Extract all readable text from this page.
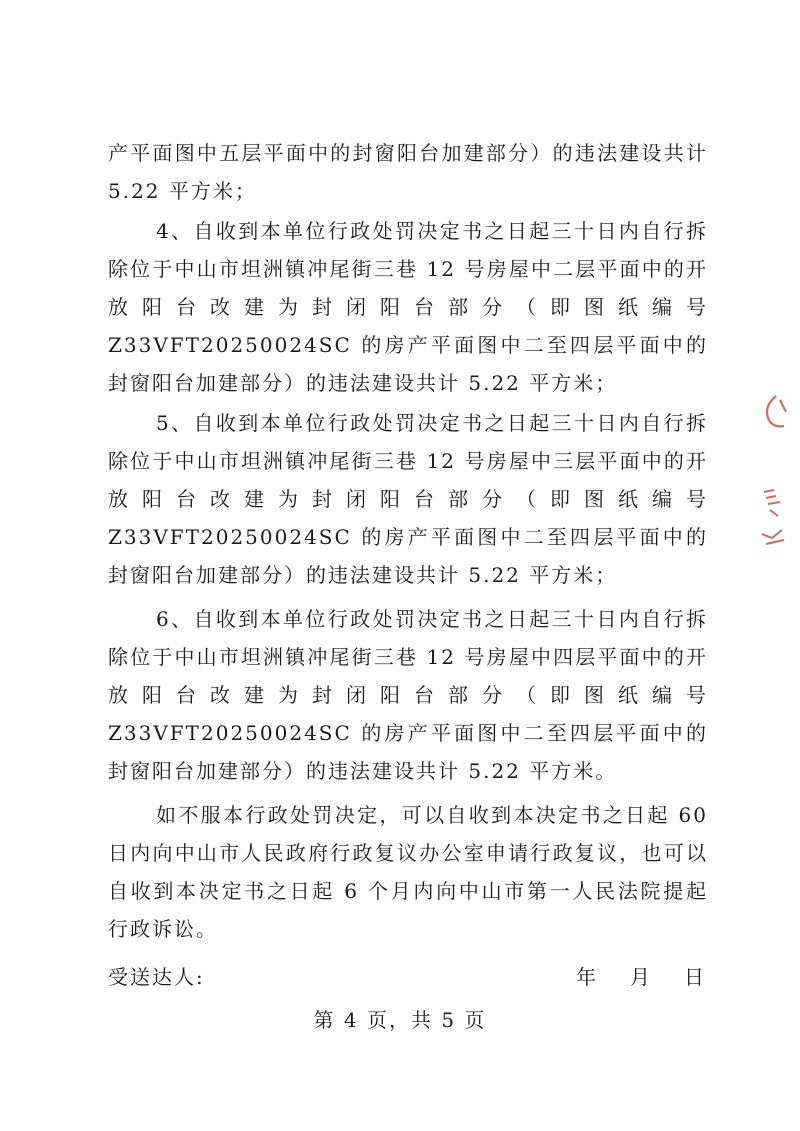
产平面图中五层平面中的封窗阳台加建部分）的违法建设共计 5.22 平方米；

4、自收到本单位行政处罚决定书之日起三十日内自行拆除位于中山市坦洲镇冲尾街三巷 12 号房屋中二层平面中的开放阳台改建为封闭阳台部分（即图纸编号 Z33VFT20250024SC 的房产平面图中二至四层平面中的封窗阳台加建部分）的违法建设共计 5.22 平方米；

5、自收到本单位行政处罚决定书之日起三十日内自行拆除位于中山市坦洲镇冲尾街三巷 12 号房屋中三层平面中的开放阳台改建为封闭阳台部分（即图纸编号 Z33VFT20250024SC 的房产平面图中二至四层平面中的封窗阳台加建部分）的违法建设共计 5.22 平方米；

6、自收到本单位行政处罚决定书之日起三十日内自行拆除位于中山市坦洲镇冲尾街三巷 12 号房屋中四层平面中的开放阳台改建为封闭阳台部分（即图纸编号 Z33VFT20250024SC 的房产平面图中二至四层平面中的封窗阳台加建部分）的违法建设共计 5.22 平方米。

如不服本行政处罚决定，可以自收到本决定书之日起 60 日内向中山市人民政府行政复议办公室申请行政复议，也可以自收到本决定书之日起 6 个月内向中山市第一人民法院提起行政诉讼。

受送达人:	年 月 日
第 4 页，共 5 页
